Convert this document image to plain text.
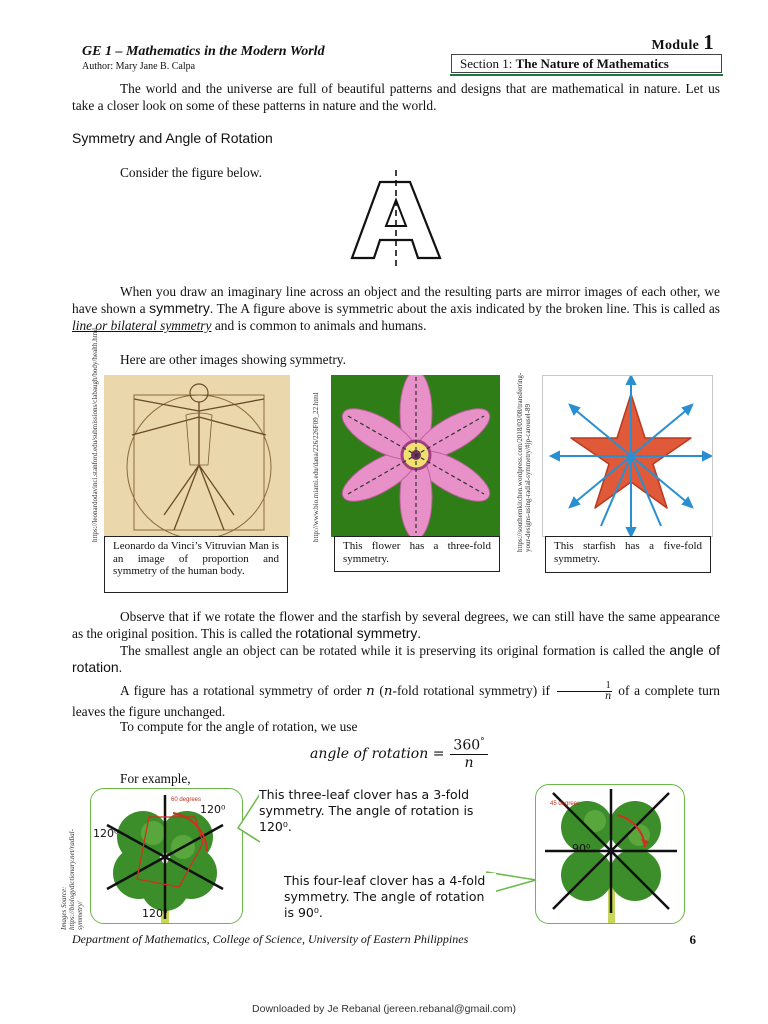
GE 1 – Mathematics in the Modern World
Author: Mary Jane B. Calpa
Module 1
Section 1: The Nature of Mathematics
The world and the universe are full of beautiful patterns and designs that are mathematical in nature. Let us take a closer look on some of these patterns in nature and the world.
Symmetry and Angle of Rotation
Consider the figure below.
When you draw an imaginary line across an object and the resulting parts are mirror images of each other, we have shown a symmetry. The A figure above is symmetric about the axis indicated by the broken line. This is called as line or bilateral symmetry and is common to animals and humans.
Here are other images showing symmetry.
https://leonardodavinci.stanford.edu/submissions/clabaugh/body/health.html
Leonardo da Vinci’s Vitruvian Man is an image of proportion and symmetry of the human body.
http://www.bio.miami.edu/dana/226/226F09_22.html
This flower has a three-fold symmetry.
https://southernkitchen.wordpress.com/2018/03/08/transferring-your-designs-using-radial-symmetry/#jp-carousel-89	This starfish has a five-fold symmetry.
Observe that if we rotate the flower and the starfish by several degrees, we can still have the same appearance as the original position. This is called the rotational symmetry.
The smallest angle an object can be rotated while it is preserving its original formation is called the angle of rotation.
A figure has a rotational symmetry of order n (n-fold rotational symmetry) if $\frac{1}{n}$ of a complete turn leaves the figure unchanged.
To compute for the angle of rotation, we use
angle of rotation = $\frac{360^\circ}{n}$
For example,
Images Source: https://biologydictionary.net/radial-symmetry/
60 degrees
120⁰
120⁰
120⁰
This three-leaf clover has a 3-fold symmetry. The angle of rotation is 120⁰.
45 degrees
90⁰
This four-leaf clover has a 4-fold symmetry. The angle of rotation is 90⁰.
Department of Mathematics, College of Science, University of Eastern Philippines	6
Downloaded by Je Rebanal (jereen.rebanal@gmail.com)
